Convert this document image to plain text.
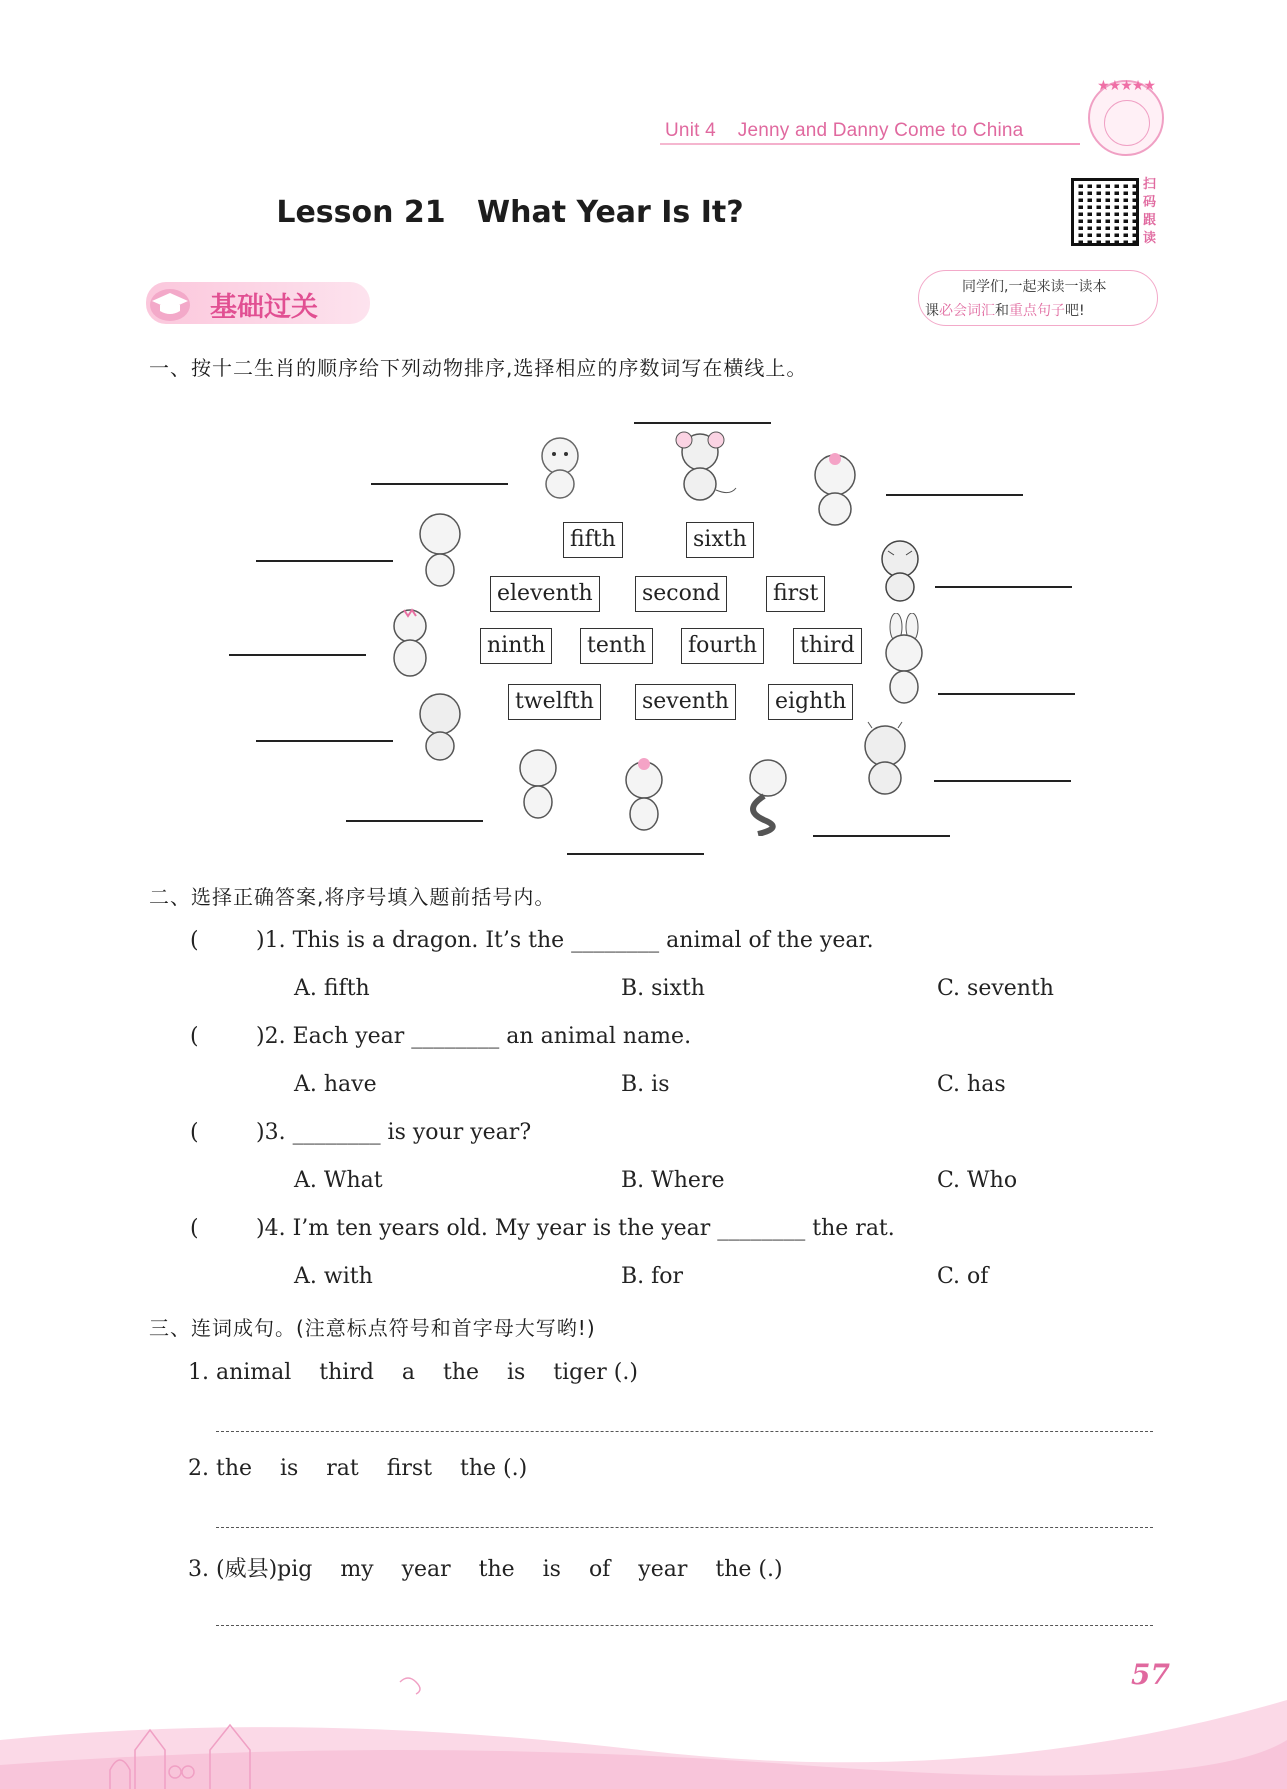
Unit 4 Jenny and Danny Come to China
★★★★★
Lesson 21   What Year Is It?
扫码跟读
同学们,一起来读一读本
课必会词汇和重点句子吧!
基础过关
一、按十二生肖的顺序给下列动物排序,选择相应的序数词写在横线上。
fifth	sixth
eleventh	second	first
ninth	tenth	fourth	third
twelfth	seventh	eighth
二、选择正确答案,将序号填入题前括号内。
(	)1. This is a dragon. It’s the ________ animal of the year.
A. fifth	B. sixth	C. seventh
(	)2. Each year ________ an animal name.
A. have	B. is	C. has
(	)3. ________ is your year?
A. What	B. Where	C. Who
(	)4. I’m ten years old. My year is the year ________ the rat.
A. with	B. for	C. of
三、连词成句。(注意标点符号和首字母大写哟!)
1. animal    third    a    the    is    tiger (.)
2. the    is    rat    first    the (.)
3. (威县)pig    my    year    the    is    of    year    the (.)
57
